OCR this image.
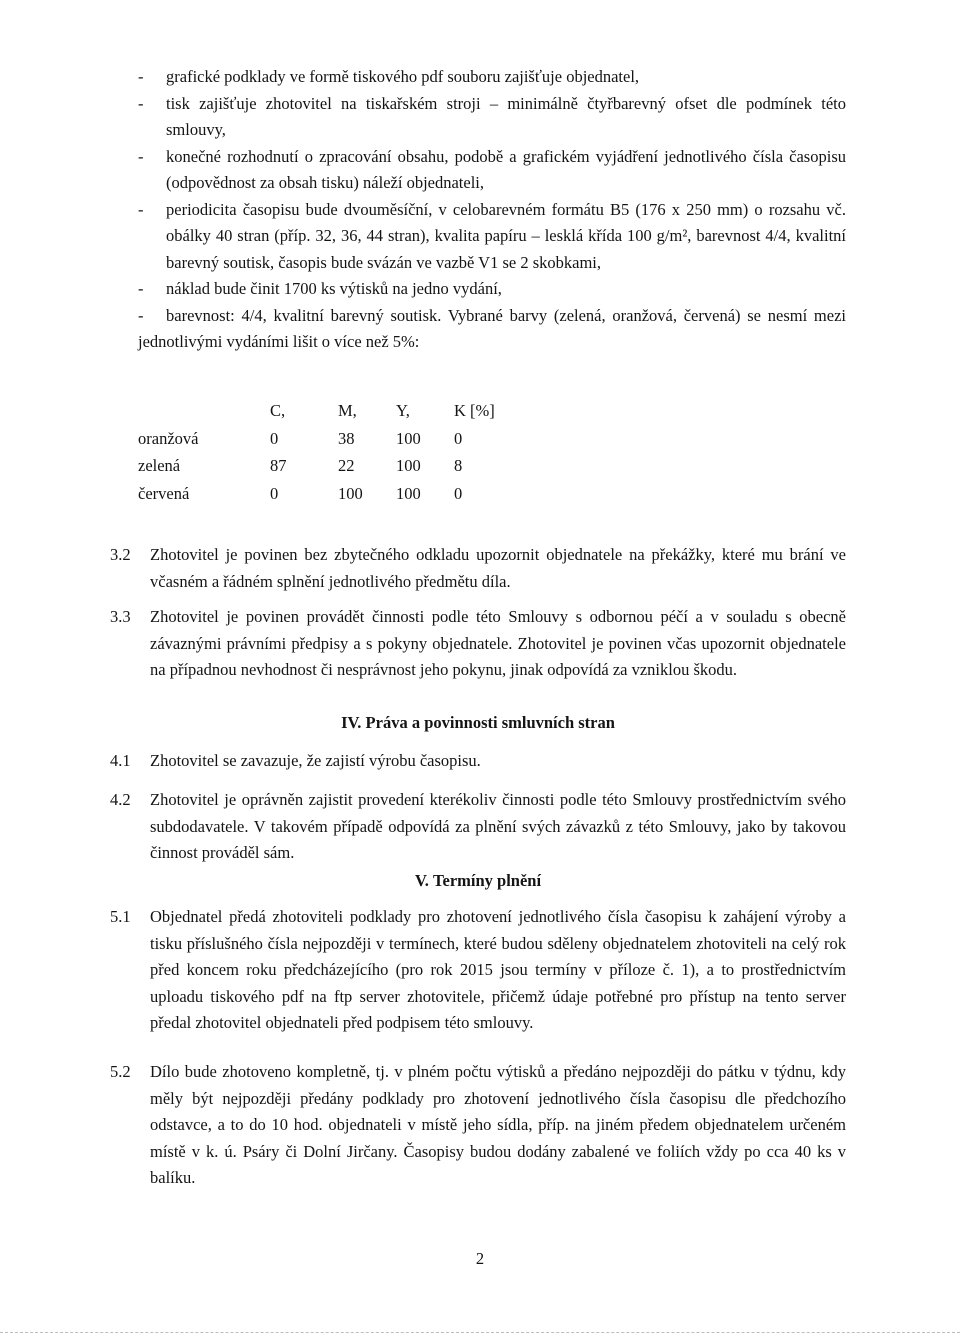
- grafické podklady ve formě tiskového pdf souboru zajišťuje objednatel,
- tisk zajišťuje zhotovitel na tiskařském stroji – minimálně čtyřbarevný ofset dle podmínek této smlouvy,
- konečné rozhodnutí o zpracování obsahu, podobě a grafickém vyjádření jednotlivého čísla časopisu (odpovědnost za obsah tisku) náleží objednateli,
- periodicita časopisu bude dvouměsíční, v celobarevném formátu B5 (176 x 250 mm) o rozsahu vč. obálky 40 stran (příp. 32, 36, 44 stran), kvalita papíru – lesklá křída 100 g/m², barevnost 4/4, kvalitní barevný soutisk, časopis bude svázán ve vazbě V1 se 2 skobkami,
- náklad bude činit 1700 ks výtisků na jedno vydání,
- barevnost: 4/4, kvalitní barevný soutisk. Vybrané barvy (zelená, oranžová, červená) se nesmí mezi jednotlivými vydáními lišit o více než 5%:
	C,	M,	Y,	K [%]
oranžová	0	38	100	0
zelená	87	22	100	8
červená	0	100	100	0
3.2	Zhotovitel je povinen bez zbytečného odkladu upozornit objednatele na překážky, které mu brání ve včasném a řádném splnění jednotlivého předmětu díla.
3.3	Zhotovitel je povinen provádět činnosti podle této Smlouvy s odbornou péčí a v souladu s obecně závaznými právními předpisy a s pokyny objednatele. Zhotovitel je povinen včas upozornit objednatele na případnou nevhodnost či nesprávnost jeho pokynu, jinak odpovídá za vzniklou škodu.
IV. Práva a povinnosti smluvních stran
4.1	Zhotovitel se zavazuje, že zajistí výrobu časopisu.
4.2	Zhotovitel je oprávněn zajistit provedení kterékoliv činnosti podle této Smlouvy prostřednictvím svého subdodavatele. V takovém případě odpovídá za plnění svých závazků z této Smlouvy, jako by takovou činnost prováděl sám.
V. Termíny plnění
5.1	Objednatel předá zhotoviteli podklady pro zhotovení jednotlivého čísla časopisu k zahájení výroby a tisku příslušného čísla nejpozději v termínech, které budou sděleny objednatelem zhotoviteli na celý rok před koncem roku předcházejícího (pro rok 2015 jsou termíny v příloze č. 1), a to prostřednictvím uploadu tiskového pdf na ftp server zhotovitele, přičemž údaje potřebné pro přístup na tento server předal zhotovitel objednateli před podpisem této smlouvy.
5.2	Dílo bude zhotoveno kompletně, tj. v plném počtu výtisků a předáno nejpozději do pátku v týdnu, kdy měly být nejpozději předány podklady pro zhotovení jednotlivého čísla časopisu dle předchozího odstavce, a to do 10 hod. objednateli v místě jeho sídla, příp. na jiném předem objednatelem určeném místě v k. ú. Psáry či Dolní Jirčany. Časopisy budou dodány zabalené ve foliích vždy po cca 40 ks v balíku.
2
